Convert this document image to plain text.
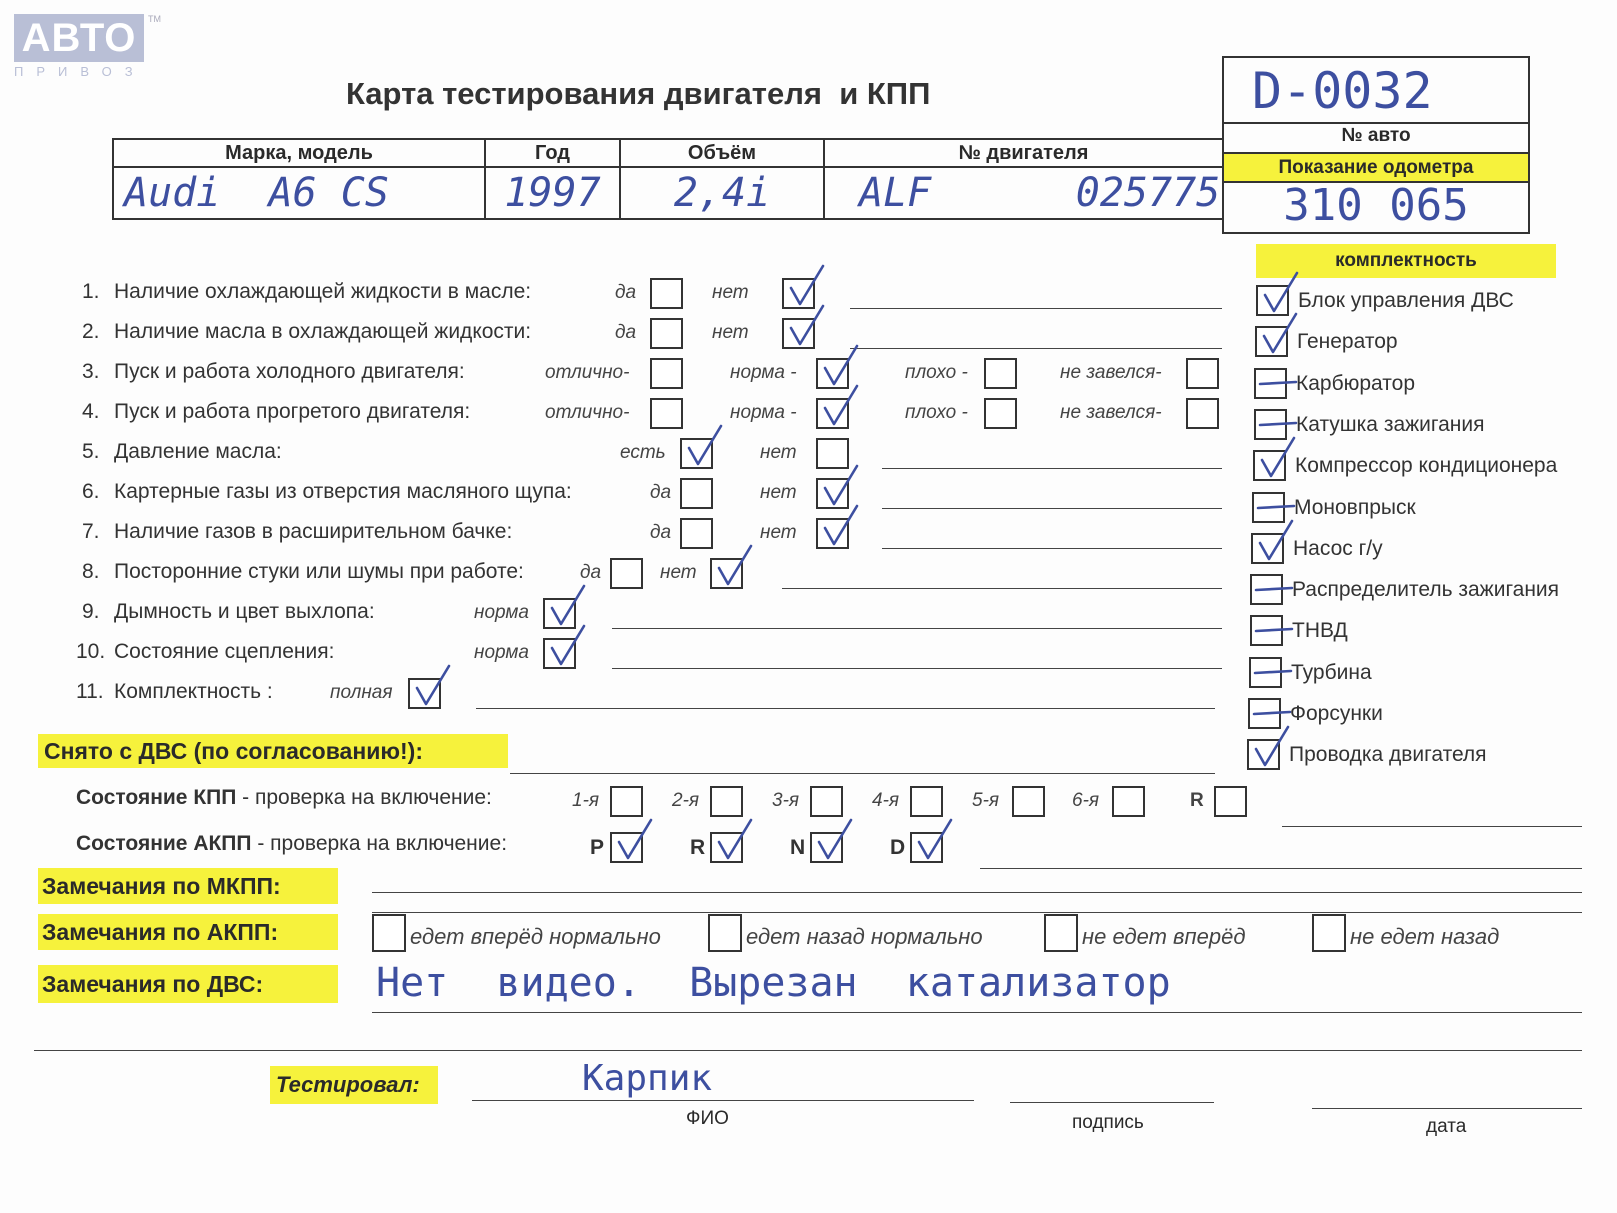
АВТО	TM
ПРИВОЗ
Карта тестирования двигателя  и КПП	D-0032
№ авто
Показание одометра
310 065
Марка, модель	Год	Объём	№ двигателя
Audi  A6 CS	1997	2,4i	ALF      025775
1. Наличие охлаждающей жидкости в масле:	да	нет
2. Наличие масла в охлаждающей жидкости:	да	нет
3. Пуск и работа холодного двигателя:	отлично-	норма -	плохо -	не завелся-
4. Пуск и работа прогретого двигателя:	отлично-	норма -	плохо -	не завелся-
5. Давление масла:	есть	нет
6. Картерные газы из отверстия масляного щупа:	да	нет
7. Наличие газов в расширительном бачке:	да	нет
8. Посторонние стуки или шумы при работе:	да	нет
9. Дымность и цвет выхлопа:	норма
10. Состояние сцепления:	норма
11. Комплектность :	полная
комплектность
Блок управления ДВС
Генератор
Карбюратор
Катушка зажигания
Компрессор кондиционера
Моновпрыск
Насос г/у
Распределитель зажигания
ТНВД
Турбина
Форсунки
Проводка двигателя
Снято с ДВС (по согласованию!):
Состояние КПП - проверка на включение:	1-я	2-я	3-я	4-я	5-я	6-я	R
Состояние АКПП - проверка на включение:	P	R	N	D
Замечания по МКПП:
Замечания по АКПП:	едет вперёд нормально	едет назад нормально	не едет вперёд	не едет назад
Замечания по ДВС:	Нет  видео.  Вырезан  катализатор
Тестировал:	Карпик
ФИО	подпись	дата
